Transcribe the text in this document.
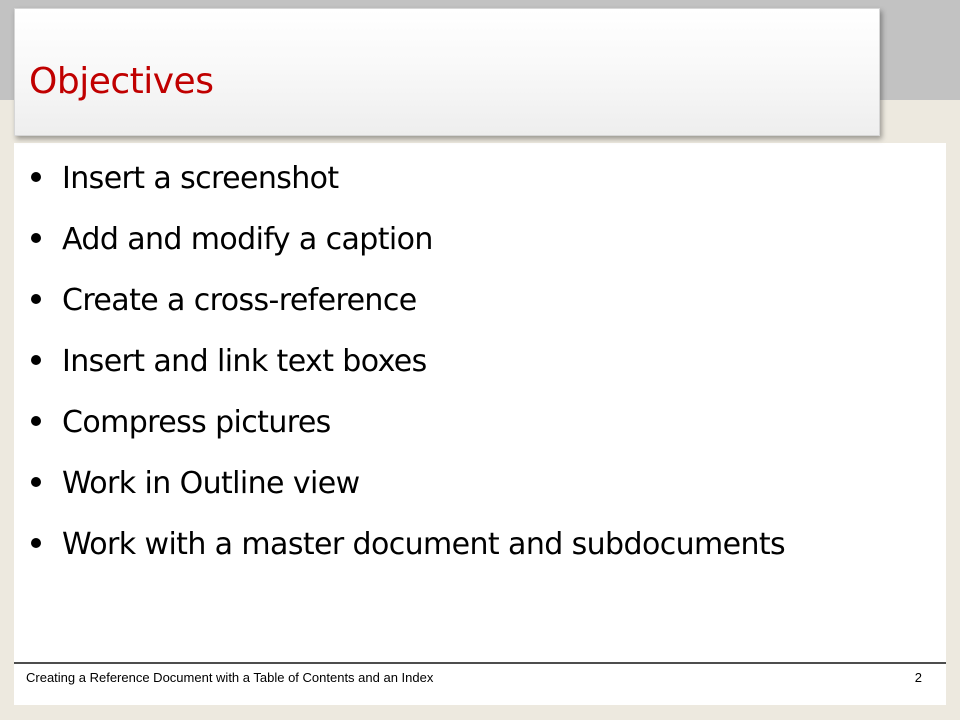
Objectives
Insert a screenshot
Add and modify a caption
Create a cross-reference
Insert and link text boxes
Compress pictures
Work in Outline view
Work with a master document and subdocuments
Creating a Reference Document with a Table of Contents and an Index	2
